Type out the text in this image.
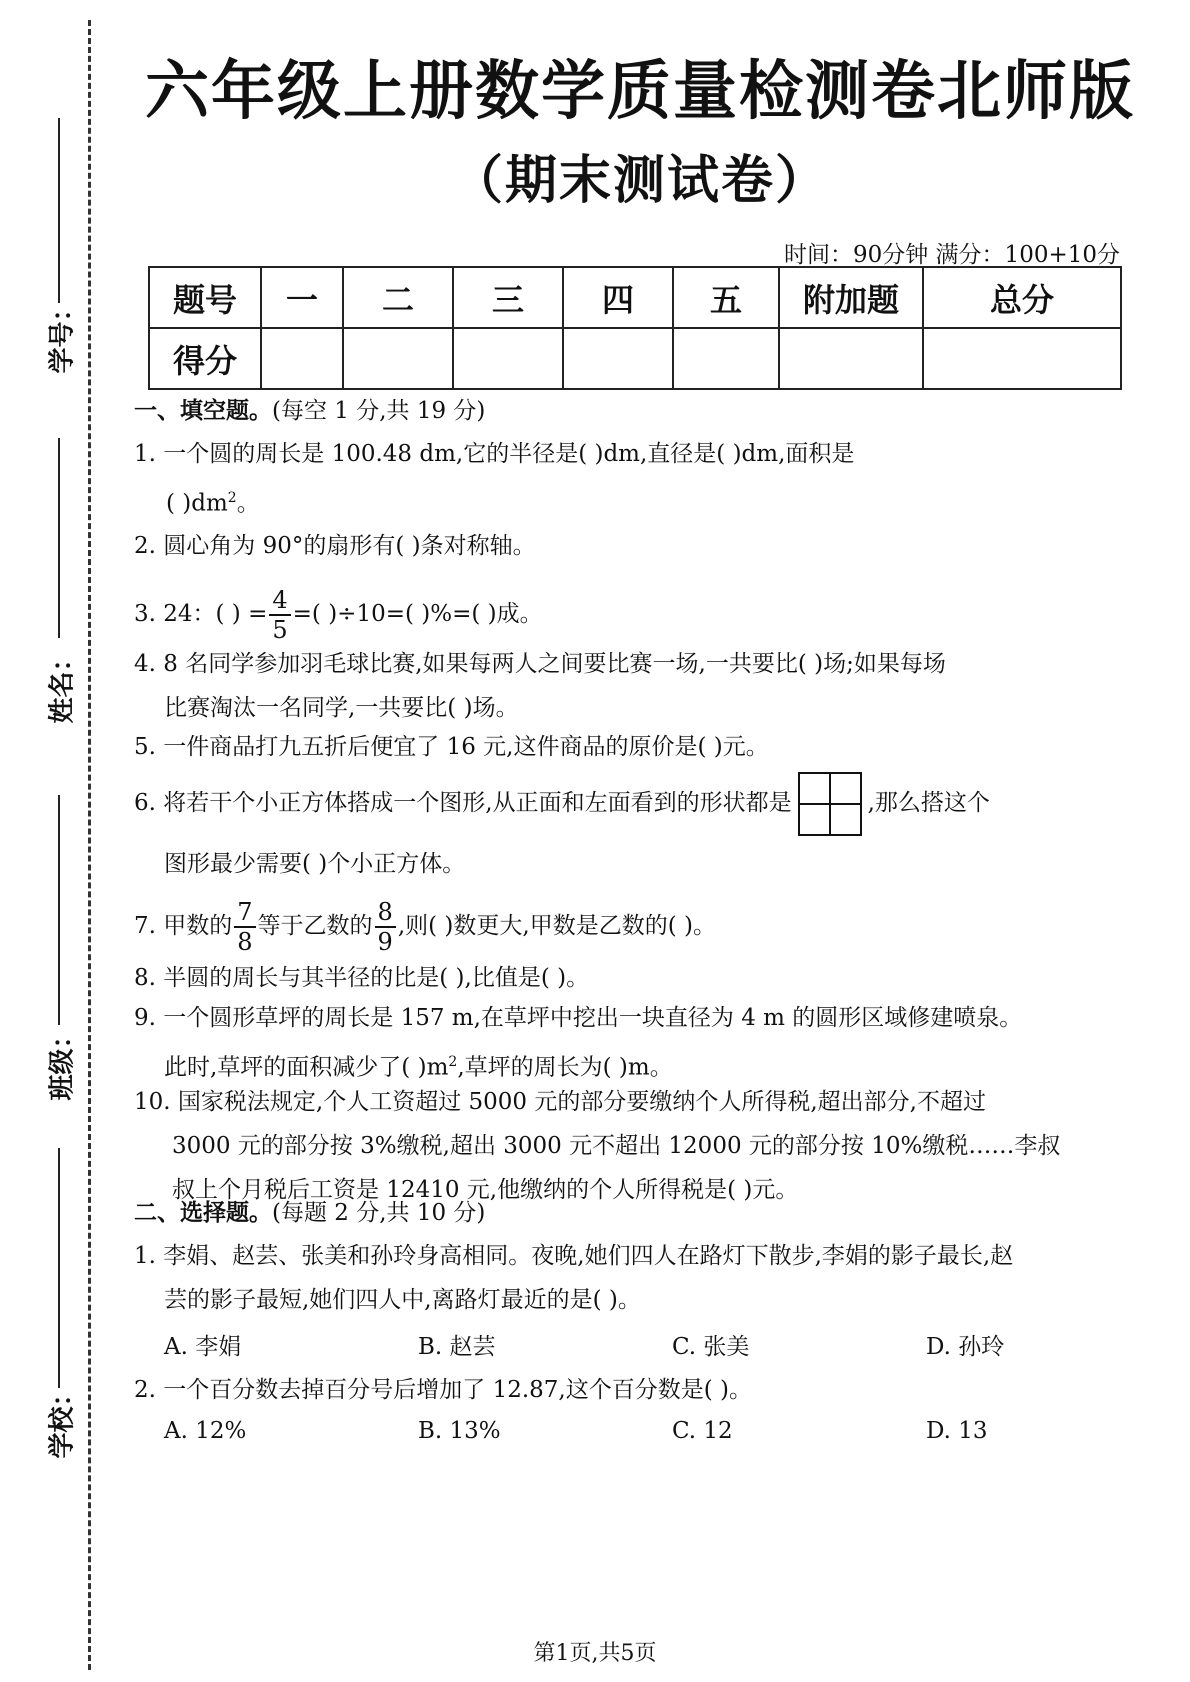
学号：
姓名：
班级：
学校：
六年级上册数学质量检测卷北师版
（期末测试卷）
时间：90分钟 满分：100+10分
题号	一	二	三	四	五	附加题	总分
得分							
一、填空题。(每空 1 分,共 19 分)
1. 一个圆的周长是 100.48 dm,它的半径是( )dm,直径是( )dm,面积是
( )$dm^2$。
2. 圆心角为 90°的扇形有( )条对称轴。
3. 24：( ) = $\frac{4}{5}$ =( )÷10=( )%=( )成。
4. 8 名同学参加羽毛球比赛,如果每两人之间要比赛一场,一共要比( )场;如果每场
比赛淘汰一名同学,一共要比( )场。
5. 一件商品打九五折后便宜了 16 元,这件商品的原价是( )元。
6. 将若干个小正方体搭成一个图形,从正面和左面看到的形状都是	,那么搭这个
图形最少需要( )个小正方体。
7. 甲数的 $\frac{7}{8}$ 等于乙数的 $\frac{8}{9}$ ,则( )数更大,甲数是乙数的( )。
8. 半圆的周长与其半径的比是( ),比值是( )。
9. 一个圆形草坪的周长是 157 m,在草坪中挖出一块直径为 4 m 的圆形区域修建喷泉。
此时,草坪的面积减少了( )$m^2$,草坪的周长为( )m。
10. 国家税法规定,个人工资超过 5000 元的部分要缴纳个人所得税,超出部分,不超过
3000 元的部分按 3%缴税,超出 3000 元不超出 12000 元的部分按 10%缴税……李叔
叔上个月税后工资是 12410 元,他缴纳的个人所得税是( )元。
二、选择题。(每题 2 分,共 10 分)
1. 李娟、赵芸、张美和孙玲身高相同。夜晚,她们四人在路灯下散步,李娟的影子最长,赵
芸的影子最短,她们四人中,离路灯最近的是( )。
A. 李娟	B. 赵芸	C. 张美	D. 孙玲
2. 一个百分数去掉百分号后增加了 12.87,这个百分数是( )。
A. 12%	B. 13%	C. 12	D. 13
第1页,共5页
